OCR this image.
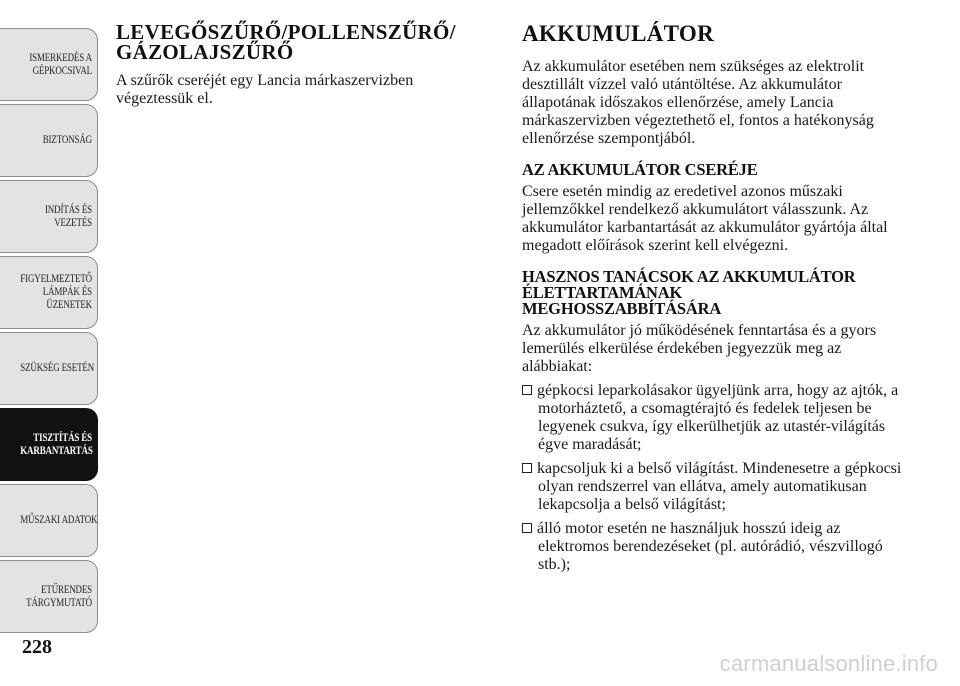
ISMERKEDÉS A
GÉPKOCSIVAL
BIZTONSÁG
INDÍTÁS ÉS
VEZETÉS
FIGYELMEZTETŐ
LÁMPÁK ÉS
ÜZENETEK
SZÜKSÉG ESETÉN
TISZTÍTÁS ÉS
KARBANTARTÁS
MŰSZAKI ADATOK
ETŰRENDES
TÁRGYMUTATÓ
228
LEVEGŐSZŰRŐ/POLLENSZŰRŐ/
GÁZOLAJSZŰRŐ

A szűrők cseréjét egy Lancia márkaszervizben végeztessük el.

AKKUMULÁTOR

Az akkumulátor esetében nem szükséges az elektrolit desztillált vízzel való utántöltése. Az akkumulátor állapotának időszakos ellenőrzése, amely Lancia márkaszervizben végeztethető el, fontos a hatékonyság ellenőrzése szempontjából.

AZ AKKUMULÁTOR CSERÉJE

Csere esetén mindig az eredetivel azonos műszaki jellemzőkkel rendelkező akkumulátort válasszunk. Az akkumulátor karbantartását az akkumulátor gyártója által megadott előírások szerint kell elvégezni.

HASZNOS TANÁCSOK AZ AKKUMULÁTOR
ÉLETTARTAMÁNAK
MEGHOSSZABBÍTÁSÁRA

Az akkumulátor jó működésének fenntartása és a gyors lemerülés elkerülése érdekében jegyezzük meg az alábbiakat:

gépkocsi leparkolásakor ügyeljünk arra, hogy az ajtók, a motorháztető, a csomagtérajtó és fedelek teljesen be legyenek csukva, így elkerülhetjük az utastér-világítás égve maradását;
kapcsoljuk ki a belső világítást. Mindenesetre a gépkocsi olyan rendszerrel van ellátva, amely automatikusan lekapcsolja a belső világítást;
álló motor esetén ne használjuk hosszú ideig az elektromos berendezéseket (pl. autórádió, vészvillogó stb.);
carmanualsonline.info
